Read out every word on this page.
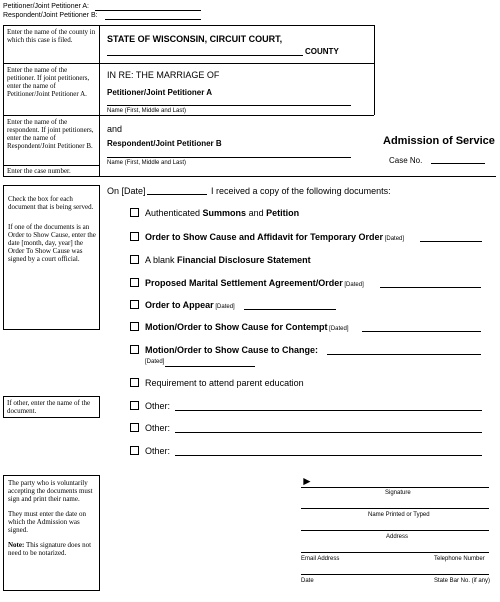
Petitioner/Joint Petitioner A:
Respondent/Joint Petitioner B:
Enter the name of the county in which this case is filed.
Enter the name of the petitioner. If joint petitioners, enter the name of Petitioner/Joint Petitioner A.
Enter the name of the respondent. If joint petitioners, enter the name of Respondent/Joint Petitioner B.
Enter the case number.
STATE OF WISCONSIN, CIRCUIT COURT,
COUNTY
IN RE: THE MARRIAGE OF
Petitioner/Joint Petitioner A
Name (First, Middle and Last)
and
Respondent/Joint Petitioner B
Name (First, Middle and Last)
Admission of Service
Case No.
Check the box for each document that is being served.
If one of the documents is an Order to Show Cause, enter the date [month, day, year] the Order To Show Cause was signed by a court official.
If other, enter the name of the document.
The party who is voluntarily accepting the documents must sign and print their name.
They must enter the date on which the Admission was signed.
Note: This signature does not need to be notarized.
On [Date]	I received a copy of the following documents:
Authenticated Summons and Petition
Order to Show Cause and Affidavit for Temporary Order [Dated]
A blank Financial Disclosure Statement
Proposed Marital Settlement Agreement/Order [Dated]
Order to Appear [Dated]
Motion/Order to Show Cause for Contempt [Dated]
Motion/Order to Show Cause to Change:
[Dated]
Requirement to attend parent education
Other:
Other:
Other:
►
Signature
Name Printed or Typed
Address
Email Address	Telephone Number
Date	State Bar No. (if any)
